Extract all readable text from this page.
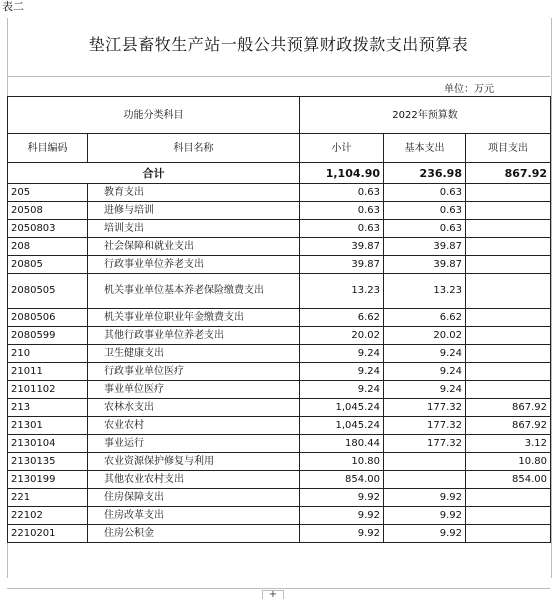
表二
垫江县畜牧生产站一般公共预算财政拨款支出预算表
单位：万元
功能分类科目		2022年预算数		
科目编码	科目名称	小计	基本支出	项目支出
合计		1,104.90	236.98	867.92
205	教育支出	0.63	0.63	
20508	进修与培训	0.63	0.63	
2050803	培训支出	0.63	0.63	
208	社会保障和就业支出	39.87	39.87	
20805	行政事业单位养老支出	39.87	39.87	
2080505	机关事业单位基本养老保险缴费支出	13.23	13.23	
2080506	机关事业单位职业年金缴费支出	6.62	6.62	
2080599	其他行政事业单位养老支出	20.02	20.02	
210	卫生健康支出	9.24	9.24	
21011	行政事业单位医疗	9.24	9.24	
2101102	事业单位医疗	9.24	9.24	
213	农林水支出	1,045.24	177.32	867.92
21301	农业农村	1,045.24	177.32	867.92
2130104	事业运行	180.44	177.32	3.12
2130135	农业资源保护修复与利用	10.80		10.80
2130199	其他农业农村支出	854.00		854.00
221	住房保障支出	9.92	9.92	
22102	住房改革支出	9.92	9.92	
2210201	住房公积金	9.92	9.92	
+
